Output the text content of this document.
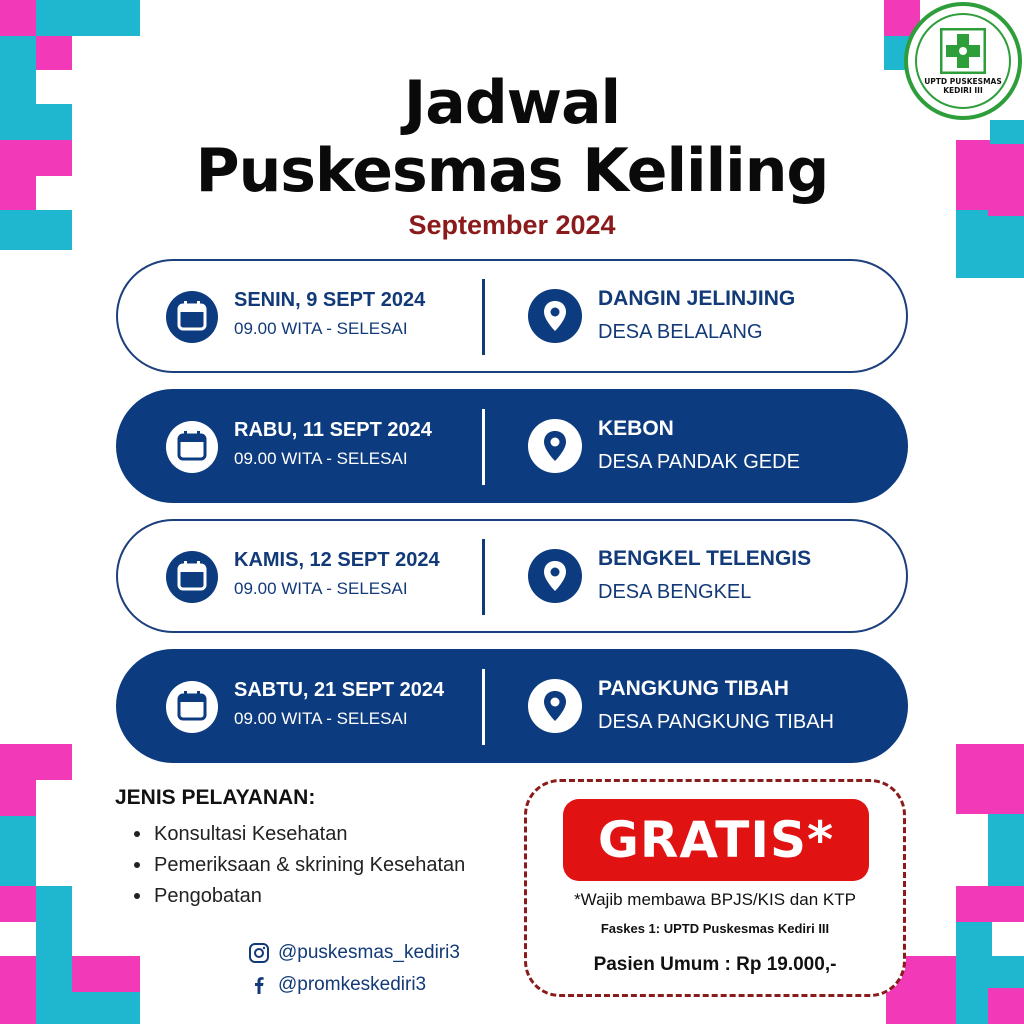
UPTD PUSKESMAS
KEDIRI III
Jadwal
Puskesmas Keliling
September 2024
SENIN, 9 SEPT 2024
09.00 WITA - SELESAI
DANGIN JELINJING
DESA BELALANG
RABU, 11 SEPT 2024
09.00 WITA - SELESAI
KEBON
DESA PANDAK GEDE
KAMIS, 12 SEPT 2024
09.00 WITA - SELESAI
BENGKEL TELENGIS
DESA BENGKEL
SABTU, 21 SEPT 2024
09.00 WITA - SELESAI
PANGKUNG TIBAH
DESA PANGKUNG TIBAH
JENIS PELAYANAN:
Konsultasi Kesehatan
Pemeriksaan & skrining Kesehatan
Pengobatan
@puskesmas_kediri3
@promkeskediri3
GRATIS*
*Wajib membawa BPJS/KIS dan KTP
Faskes 1: UPTD Puskesmas Kediri III
Pasien Umum : Rp 19.000,-
